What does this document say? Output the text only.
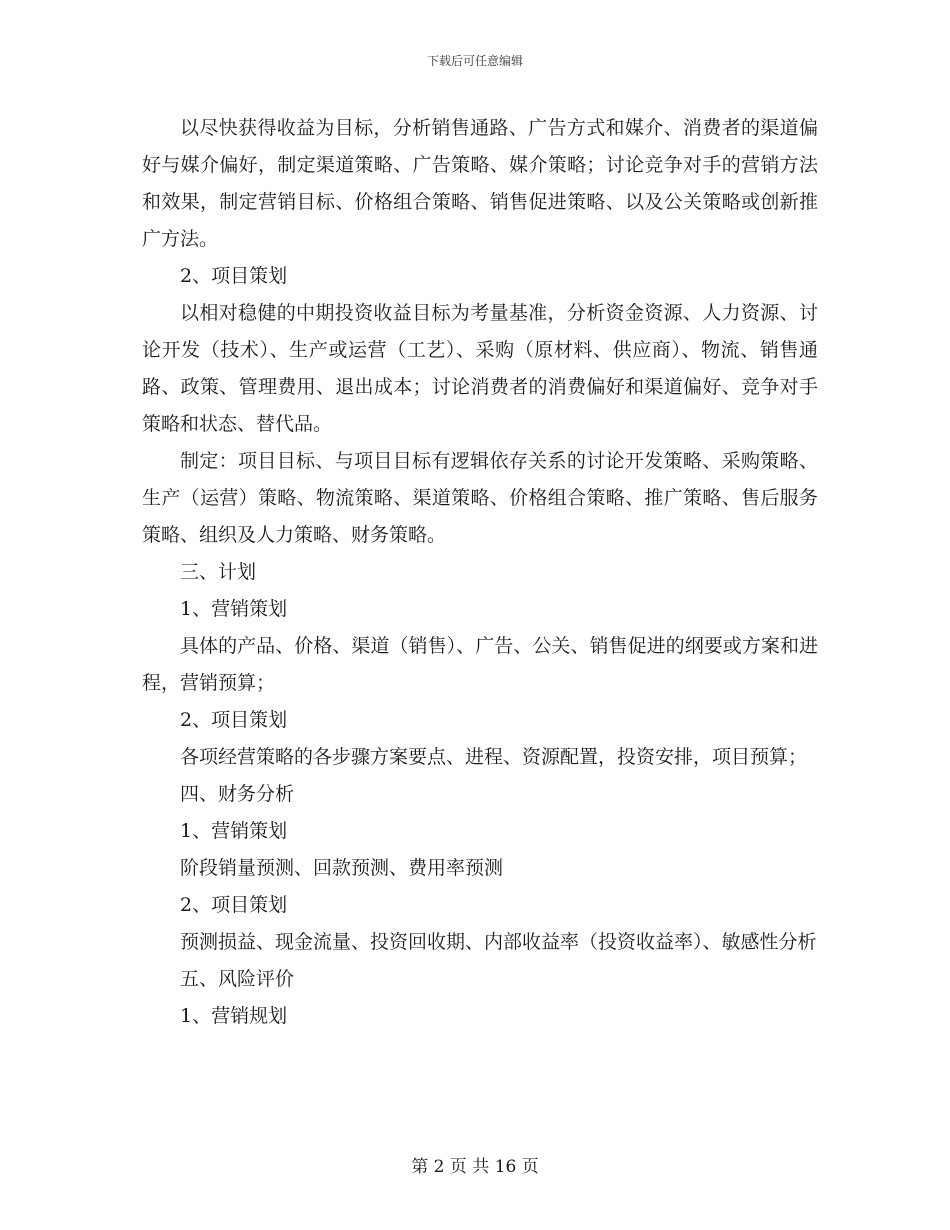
下载后可任意编辑

以尽快获得收益为目标，分析销售通路、广告方式和媒介、消费者的渠道偏好与媒介偏好，制定渠道策略、广告策略、媒介策略；讨论竞争对手的营销方法和效果，制定营销目标、价格组合策略、销售促进策略、以及公关策略或创新推广方法。

2、项目策划

以相对稳健的中期投资收益目标为考量基准，分析资金资源、人力资源、讨论开发（技术）、生产或运营（工艺）、采购（原材料、供应商）、物流、销售通路、政策、管理费用、退出成本；讨论消费者的消费偏好和渠道偏好、竞争对手策略和状态、替代品。

制定：项目目标、与项目目标有逻辑依存关系的讨论开发策略、采购策略、生产（运营）策略、物流策略、渠道策略、价格组合策略、推广策略、售后服务策略、组织及人力策略、财务策略。

三、计划

1、营销策划

具体的产品、价格、渠道（销售）、广告、公关、销售促进的纲要或方案和进程，营销预算；

2、项目策划

各项经营策略的各步骤方案要点、进程、资源配置，投资安排，项目预算；

四、财务分析

1、营销策划

阶段销量预测、回款预测、费用率预测

2、项目策划

预测损益、现金流量、投资回收期、内部收益率（投资收益率）、敏感性分析

五、风险评价

1、营销规划

第 2 页 共 16 页
